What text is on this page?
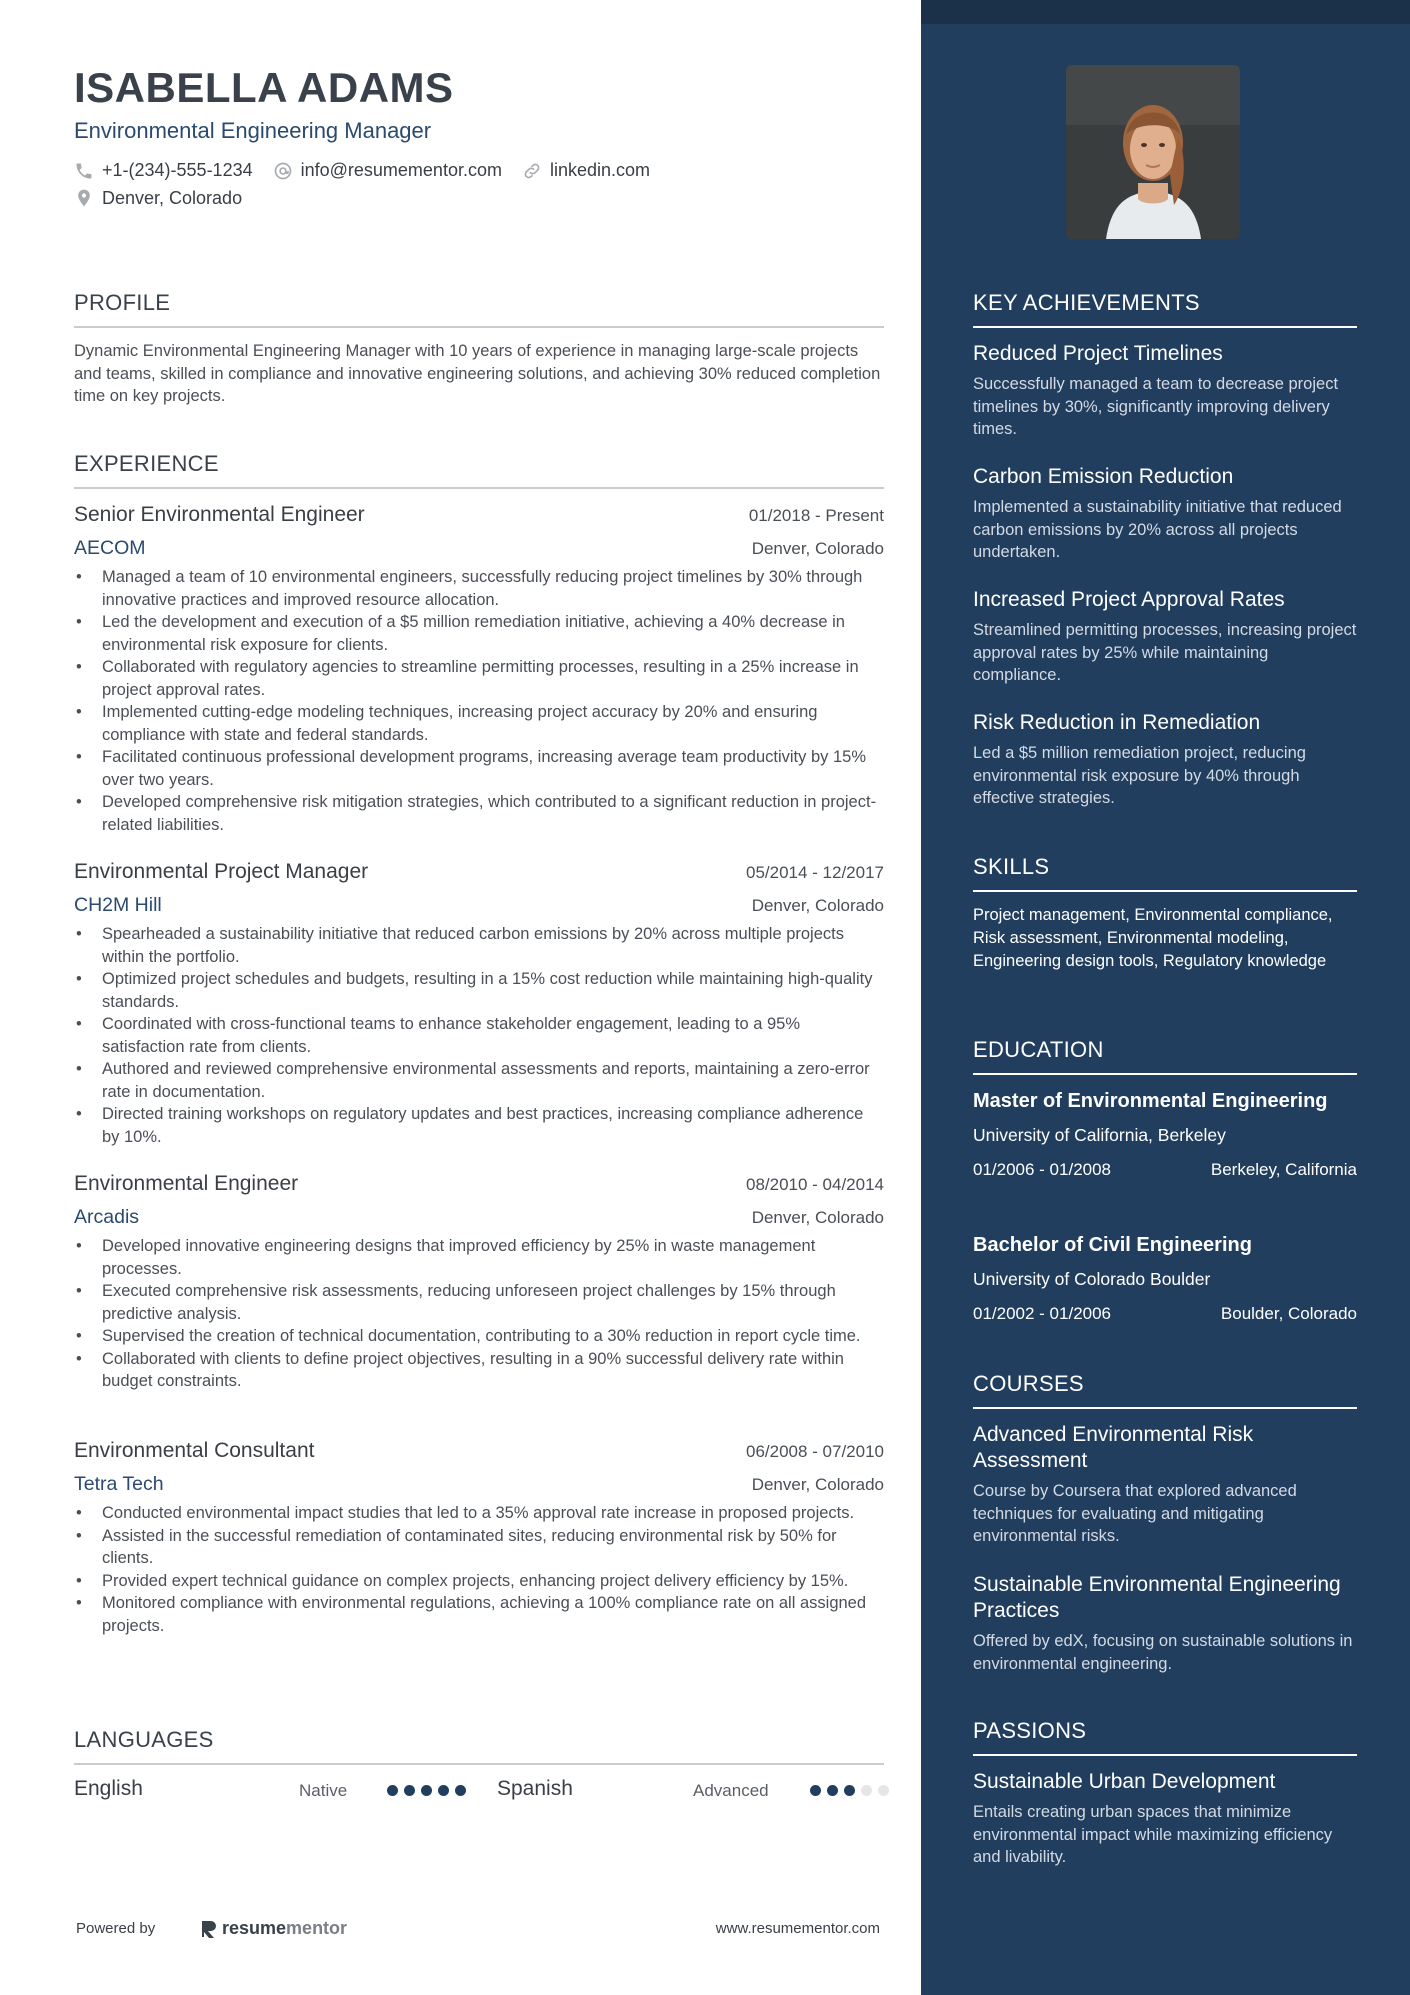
ISABELLA ADAMS
Environmental Engineering Manager
+1-(234)-555-1234	info@resumementor.com	linkedin.com
Denver, Colorado
PROFILE
Dynamic Environmental Engineering Manager with 10 years of experience in managing large-scale projects and teams, skilled in compliance and innovative engineering solutions, and achieving 30% reduced completion time on key projects.
EXPERIENCE
Senior Environmental Engineer	01/2018 - Present
AECOM	Denver, Colorado
• Managed a team of 10 environmental engineers, successfully reducing project timelines by 30% through innovative practices and improved resource allocation.
• Led the development and execution of a $5 million remediation initiative, achieving a 40% decrease in environmental risk exposure for clients.
• Collaborated with regulatory agencies to streamline permitting processes, resulting in a 25% increase in project approval rates.
• Implemented cutting-edge modeling techniques, increasing project accuracy by 20% and ensuring compliance with state and federal standards.
• Facilitated continuous professional development programs, increasing average team productivity by 15% over two years.
• Developed comprehensive risk mitigation strategies, which contributed to a significant reduction in project-related liabilities.
Environmental Project Manager	05/2014 - 12/2017
CH2M Hill	Denver, Colorado
• Spearheaded a sustainability initiative that reduced carbon emissions by 20% across multiple projects within the portfolio.
• Optimized project schedules and budgets, resulting in a 15% cost reduction while maintaining high-quality standards.
• Coordinated with cross-functional teams to enhance stakeholder engagement, leading to a 95% satisfaction rate from clients.
• Authored and reviewed comprehensive environmental assessments and reports, maintaining a zero-error rate in documentation.
• Directed training workshops on regulatory updates and best practices, increasing compliance adherence by 10%.
Environmental Engineer	08/2010 - 04/2014
Arcadis	Denver, Colorado
• Developed innovative engineering designs that improved efficiency by 25% in waste management processes.
• Executed comprehensive risk assessments, reducing unforeseen project challenges by 15% through predictive analysis.
• Supervised the creation of technical documentation, contributing to a 30% reduction in report cycle time.
• Collaborated with clients to define project objectives, resulting in a 90% successful delivery rate within budget constraints.
Environmental Consultant	06/2008 - 07/2010
Tetra Tech	Denver, Colorado
• Conducted environmental impact studies that led to a 35% approval rate increase in proposed projects.
• Assisted in the successful remediation of contaminated sites, reducing environmental risk by 50% for clients.
• Provided expert technical guidance on complex projects, enhancing project delivery efficiency by 15%.
• Monitored compliance with environmental regulations, achieving a 100% compliance rate on all assigned projects.
LANGUAGES
English	Native	Spanish	Advanced
Powered by	resume mentor	www.resumementor.com
KEY ACHIEVEMENTS
Reduced Project Timelines
Successfully managed a team to decrease project timelines by 30%, significantly improving delivery times.
Carbon Emission Reduction
Implemented a sustainability initiative that reduced carbon emissions by 20% across all projects undertaken.
Increased Project Approval Rates
Streamlined permitting processes, increasing project approval rates by 25% while maintaining compliance.
Risk Reduction in Remediation
Led a $5 million remediation project, reducing environmental risk exposure by 40% through effective strategies.
SKILLS
Project management, Environmental compliance, Risk assessment, Environmental modeling, Engineering design tools, Regulatory knowledge
EDUCATION
Master of Environmental Engineering
University of California, Berkeley
01/2006 - 01/2008	Berkeley, California
Bachelor of Civil Engineering
University of Colorado Boulder
01/2002 - 01/2006	Boulder, Colorado
COURSES
Advanced Environmental Risk Assessment
Course by Coursera that explored advanced techniques for evaluating and mitigating environmental risks.
Sustainable Environmental Engineering Practices
Offered by edX, focusing on sustainable solutions in environmental engineering.
PASSIONS
Sustainable Urban Development
Entails creating urban spaces that minimize environmental impact while maximizing efficiency and livability.
